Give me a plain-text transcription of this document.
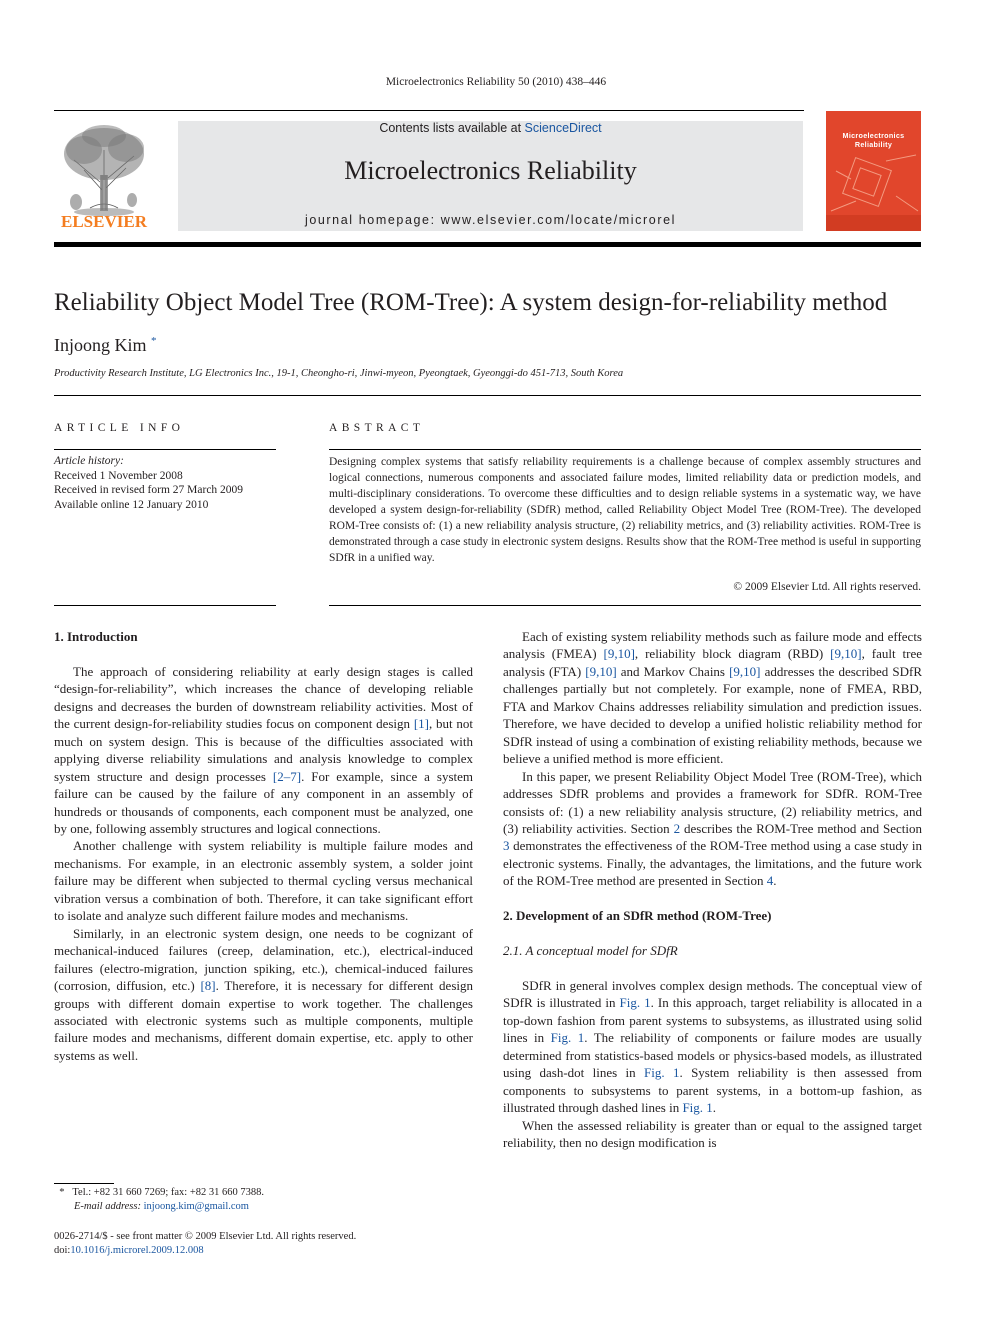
Microelectronics Reliability 50 (2010) 438–446
ELSEVIER
Contents lists available at ScienceDirect
Microelectronics Reliability
journal homepage: www.elsevier.com/locate/microrel
Microelectronics
Reliability
Reliability Object Model Tree (ROM-Tree): A system design-for-reliability method
Injoong Kim *
Productivity Research Institute, LG Electronics Inc., 19-1, Cheongho-ri, Jinwi-myeon, Pyeongtaek, Gyeonggi-do 451-713, South Korea
ARTICLE INFO	ABSTRACT
Article history:
Received 1 November 2008
Received in revised form 27 March 2009
Available online 12 January 2010
Designing complex systems that satisfy reliability requirements is a challenge because of complex assembly structures and logical connections, numerous components and associated failure modes, limited reliability data or prediction models, and multi-disciplinary considerations. To overcome these difficulties and to design reliable systems in a systematic way, we have developed a system design-for-reliability (SDfR) method, called Reliability Object Model Tree (ROM-Tree). The developed ROM-Tree consists of: (1) a new reliability analysis structure, (2) reliability metrics, and (3) reliability activities. ROM-Tree is demonstrated through a case study in electronic system designs. Results show that the ROM-Tree method is useful in supporting SDfR in a unified way.
© 2009 Elsevier Ltd. All rights reserved.

1. Introduction

The approach of considering reliability at early design stages is called “design-for-reliability”, which increases the chance of developing reliable designs and decreases the burden of downstream reliability activities. Most of the current design-for-reliability studies focus on component design [1], but not much on system design. This is because of the difficulties associated with applying diverse reliability simulations and analysis knowledge to complex system structure and design processes [2–7]. For example, since a system failure can be caused by the failure of any component in an assembly of hundreds or thousands of components, each component must be analyzed, one by one, following assembly structures and logical connections.

Another challenge with system reliability is multiple failure modes and mechanisms. For example, in an electronic assembly system, a solder joint failure may be different when subjected to thermal cycling versus mechanical vibration versus a combination of both. Therefore, it can take significant effort to isolate and analyze such different failure modes and mechanisms.

Similarly, in an electronic system design, one needs to be cognizant of mechanical-induced failures (creep, delamination, etc.), electrical-induced failures (electro-migration, junction spiking, etc.), chemical-induced failures (corrosion, diffusion, etc.) [8]. Therefore, it is necessary for different design groups with different domain expertise to work together. The challenges associated with electronic systems such as multiple components, multiple failure modes and mechanisms, different domain expertise, etc. apply to other systems as well.

Each of existing system reliability methods such as failure mode and effects analysis (FMEA) [9,10], reliability block diagram (RBD) [9,10], fault tree analysis (FTA) [9,10] and Markov Chains [9,10] addresses the described SDfR challenges partially but not completely. For example, none of FMEA, RBD, FTA and Markov Chains addresses reliability simulation and prediction issues. Therefore, we have decided to develop a unified holistic reliability method for SDfR instead of using a combination of existing reliability methods, because we believe a unified method is more efficient.

In this paper, we present Reliability Object Model Tree (ROM-Tree), which addresses SDfR problems and provides a framework for SDfR. ROM-Tree consists of: (1) a new reliability analysis structure, (2) reliability metrics, and (3) reliability activities. Section 2 describes the ROM-Tree method and Section 3 demonstrates the effectiveness of the ROM-Tree method using a case study in electronic systems. Finally, the advantages, the limitations, and the future work of the ROM-Tree method are presented in Section 4.

2. Development of an SDfR method (ROM-Tree)

2.1. A conceptual model for SDfR

SDfR in general involves complex design methods. The conceptual view of SDfR is illustrated in Fig. 1. In this approach, target reliability is allocated in a top-down fashion from parent systems to subsystems, as illustrated using solid lines in Fig. 1. The reliability of components or failure modes are usually determined from statistics-based models or physics-based models, as illustrated using dash-dot lines in Fig. 1. System reliability is then assessed from components to subsystems to parent systems, in a bottom-up fashion, as illustrated through dashed lines in Fig. 1.

When the assessed reliability is greater than or equal to the assigned target reliability, then no design modification is

* Tel.: +82 31 660 7269; fax: +82 31 660 7388.
E-mail address: injoong.kim@gmail.com
0026-2714/$ - see front matter © 2009 Elsevier Ltd. All rights reserved.
doi:10.1016/j.microrel.2009.12.008
